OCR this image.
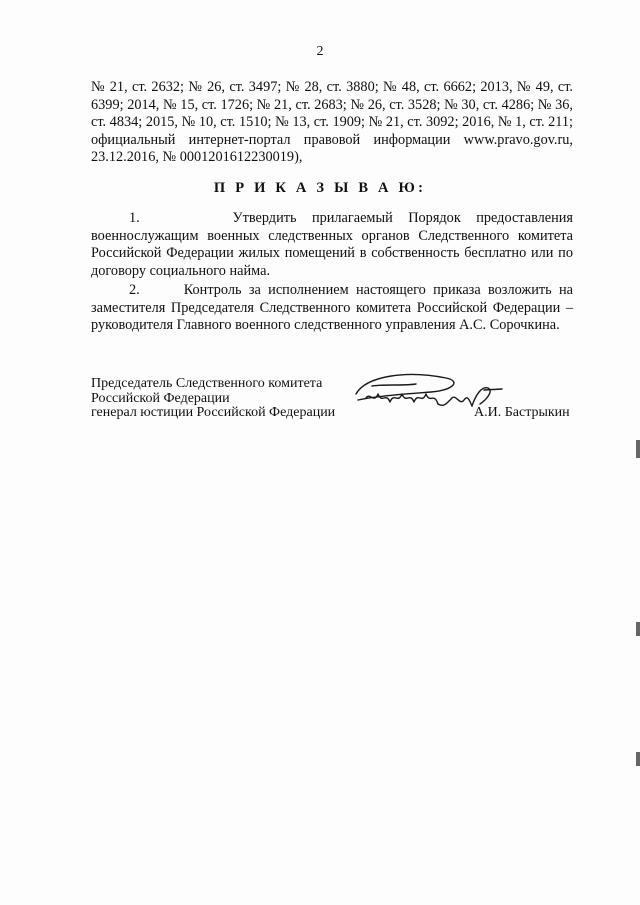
2
№ 21, ст. 2632; № 26, ст. 3497; № 28, ст. 3880; № 48, ст. 6662; 2013, № 49, ст. 6399; 2014, № 15, ст. 1726; № 21, ст. 2683; № 26, ст. 3528; № 30, ст. 4286; № 36, ст. 4834; 2015, № 10, ст. 1510; № 13, ст. 1909; № 21, ст. 3092; 2016, № 1, ст. 211; официальный интернет-портал правовой информации www.pravo.gov.ru, 23.12.2016, № 0001201612230019),
П Р И К А З Ы В А Ю:
1.      Утвердить прилагаемый Порядок предоставления военнослужащим военных следственных органов Следственного комитета Российской Федерации жилых помещений в собственность бесплатно или по договору социального найма.
2.      Контроль за исполнением настоящего приказа возложить на заместителя Председателя Следственного комитета Российской Федерации – руководителя Главного военного следственного управления А.С. Сорочкина.
Председатель Следственного комитета
Российской Федерации
генерал юстиции Российской Федерации	А.И. Бастрыкин
